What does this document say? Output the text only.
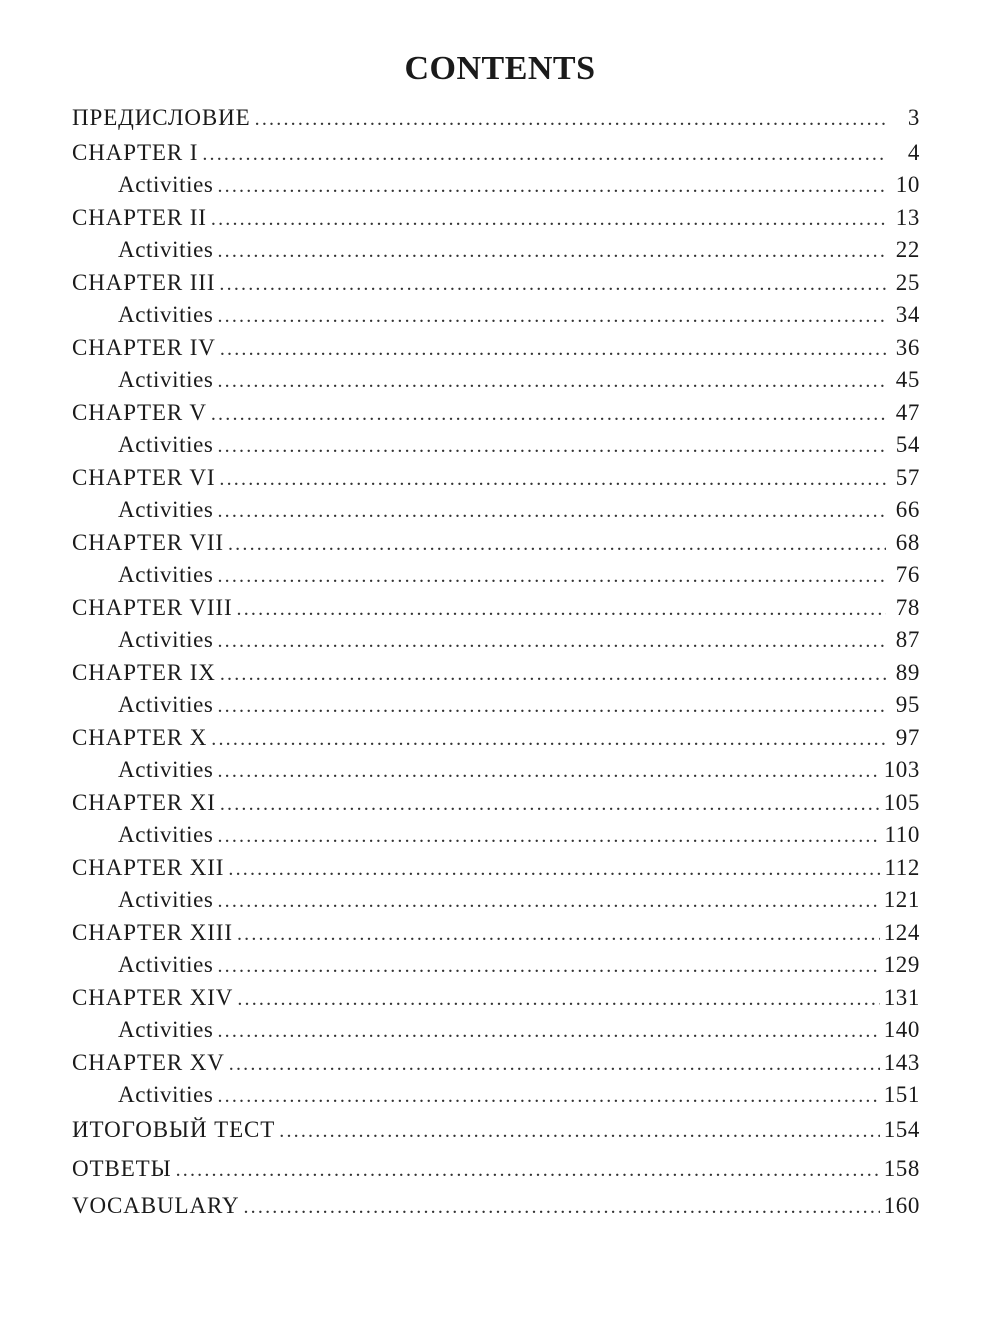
CONTENTS
ПРЕДИСЛОВИЕ .....	3
CHAPTER I .....	4
Activities .....	10
CHAPTER II .....	13
Activities .....	22
CHAPTER III .....	25
Activities .....	34
CHAPTER IV .....	36
Activities .....	45
CHAPTER V .....	47
Activities .....	54
CHAPTER VI .....	57
Activities .....	66
CHAPTER VII .....	68
Activities .....	76
CHAPTER VIII .....	78
Activities .....	87
CHAPTER IX .....	89
Activities .....	95
CHAPTER X .....	97
Activities .....	103
CHAPTER XI .....	105
Activities .....	110
CHAPTER XII .....	112
Activities .....	121
CHAPTER XIII .....	124
Activities .....	129
CHAPTER XIV .....	131
Activities .....	140
CHAPTER XV .....	143
Activities .....	151
ИТОГОВЫЙ ТЕСТ .....	154
ОТВЕТЫ .....	158
VOCABULARY .....	160
